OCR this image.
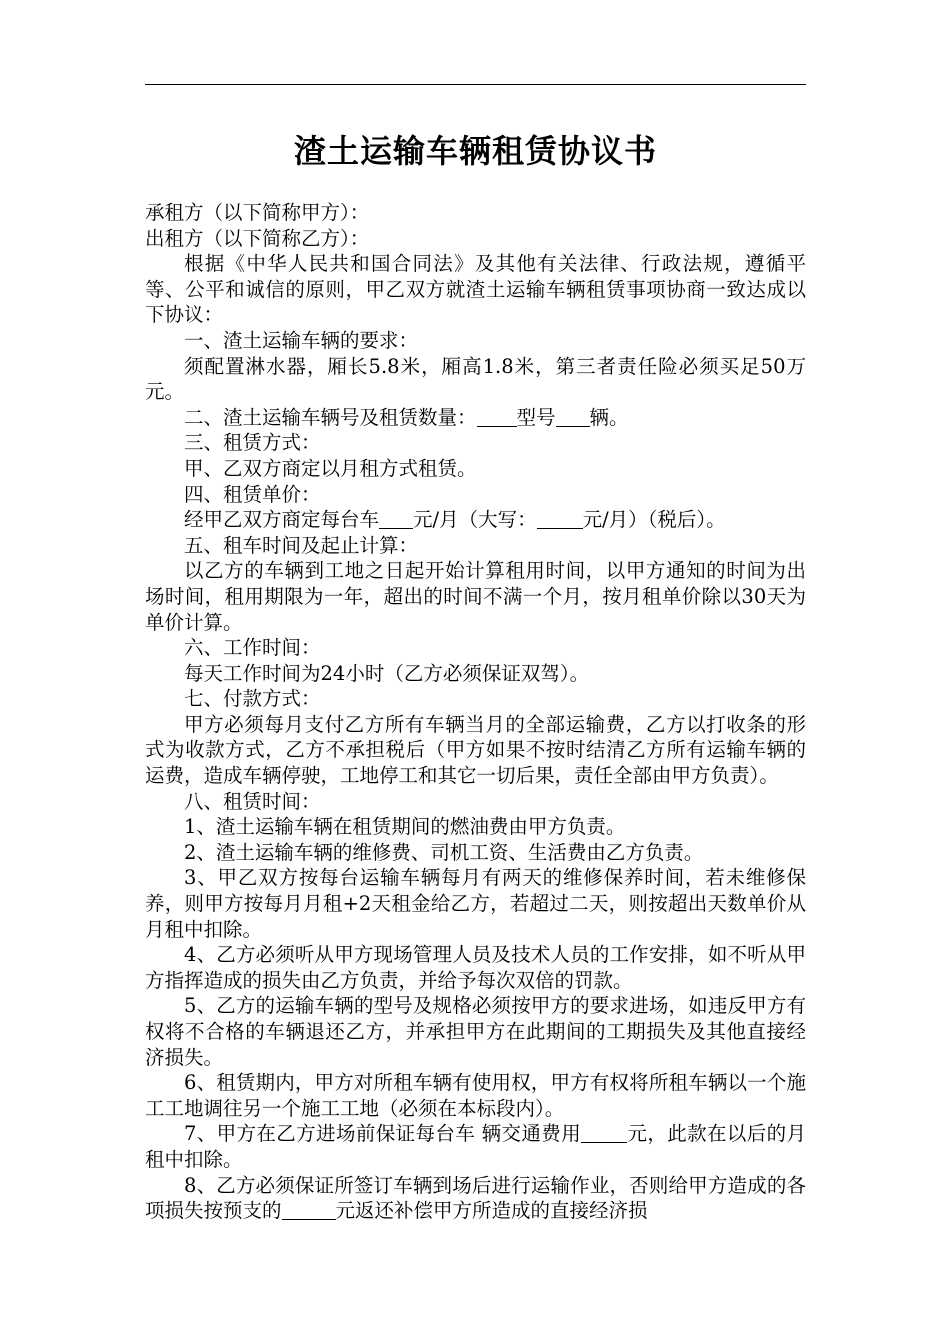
渣土运输车辆租赁协议书

承租方（以下简称甲方）：

出租方（以下简称乙方）：

根据《中华人民共和国合同法》及其他有关法律、行政法规，遵循平等、公平和诚信的原则，甲乙双方就渣土运输车辆租赁事项协商一致达成以下协议：

一、渣土运输车辆的要求：

须配置淋水器，厢长5.8米，厢高1.8米，第三者责任险必须买足50万元。

二、渣土运输车辆号及租赁数量： 型号 辆。

三、租赁方式：

甲、乙双方商定以月租方式租赁。

四、租赁单价：

经甲乙双方商定每台车 元/月（大写： 元/月）（税后）。

五、租车时间及起止计算：

以乙方的车辆到工地之日起开始计算租用时间，以甲方通知的时间为出场时间，租用期限为一年，超出的时间不满一个月，按月租单价除以30天为单价计算。

六、工作时间：

每天工作时间为24小时（乙方必须保证双驾）。

七、付款方式：

甲方必须每月支付乙方所有车辆当月的全部运输费，乙方以打收条的形式为收款方式，乙方不承担税后（甲方如果不按时结清乙方所有运输车辆的运费，造成车辆停驶，工地停工和其它一切后果，责任全部由甲方负责）。

八、租赁时间：

1、渣土运输车辆在租赁期间的燃油费由甲方负责。

2、渣土运输车辆的维修费、司机工资、生活费由乙方负责。

3、甲乙双方按每台运输车辆每月有两天的维修保养时间，若未维修保养，则甲方按每月月租+2天租金给乙方，若超过二天，则按超出天数单价从月租中扣除。

4、乙方必须听从甲方现场管理人员及技术人员的工作安排，如不听从甲方指挥造成的损失由乙方负责，并给予每次双倍的罚款。

5、乙方的运输车辆的型号及规格必须按甲方的要求进场，如违反甲方有权将不合格的车辆退还乙方，并承担甲方在此期间的工期损失及其他直接经济损失。

6、租赁期内，甲方对所租车辆有使用权，甲方有权将所租车辆以一个施工工地调往另一个施工工地（必须在本标段内）。

7、甲方在乙方进场前保证每台车 辆交通费用 元，此款在以后的月租中扣除。

8、乙方必须保证所签订车辆到场后进行运输作业，否则给甲方造成的各项损失按预支的	元返还补偿甲方所造成的直接经济损
